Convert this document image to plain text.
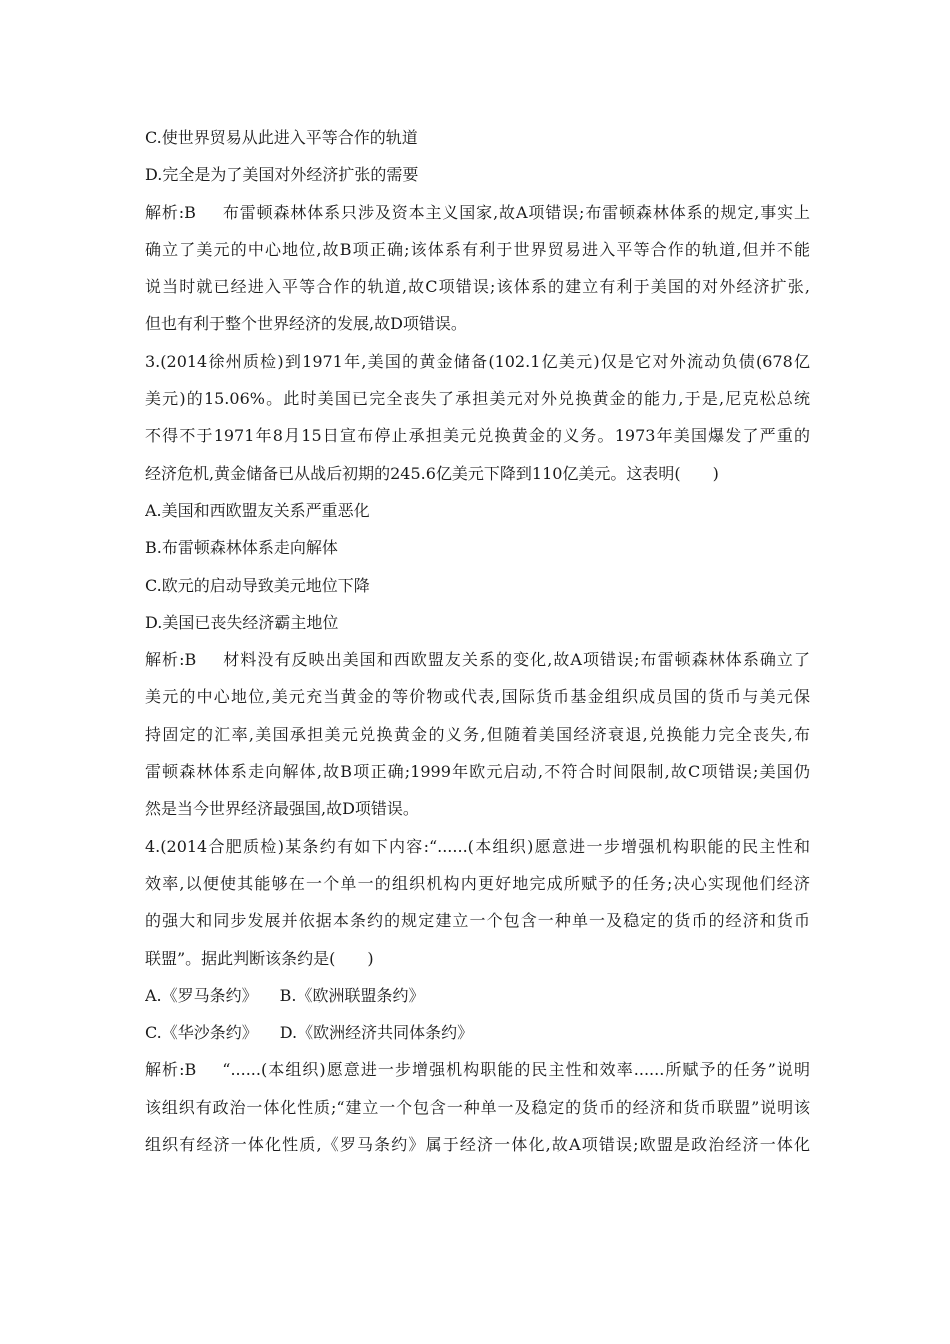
C.使世界贸易从此进入平等合作的轨道
D.完全是为了美国对外经济扩张的需要
解析:B 布雷顿森林体系只涉及资本主义国家,故A项错误;布雷顿森林体系的规定,事实上
确立了美元的中心地位,故B项正确;该体系有利于世界贸易进入平等合作的轨道,但并不能
说当时就已经进入平等合作的轨道,故C项错误;该体系的建立有利于美国的对外经济扩张,
但也有利于整个世界经济的发展,故D项错误。
3.(2014徐州质检)到1971年,美国的黄金储备(102.1亿美元)仅是它对外流动负债(678亿
美元)的15.06%。此时美国已完全丧失了承担美元对外兑换黄金的能力,于是,尼克松总统
不得不于1971年8月15日宣布停止承担美元兑换黄金的义务。1973年美国爆发了严重的
经济危机,黄金储备已从战后初期的245.6亿美元下降到110亿美元。这表明(　　)
A.美国和西欧盟友关系严重恶化
B.布雷顿森林体系走向解体
C.欧元的启动导致美元地位下降
D.美国已丧失经济霸主地位
解析:B 材料没有反映出美国和西欧盟友关系的变化,故A项错误;布雷顿森林体系确立了
美元的中心地位,美元充当黄金的等价物或代表,国际货币基金组织成员国的货币与美元保
持固定的汇率,美国承担美元兑换黄金的义务,但随着美国经济衰退,兑换能力完全丧失,布
雷顿森林体系走向解体,故B项正确;1999年欧元启动,不符合时间限制,故C项错误;美国仍
然是当今世界经济最强国,故D项错误。
4.(2014合肥质检)某条约有如下内容:“......(本组织)愿意进一步增强机构职能的民主性和
效率,以便使其能够在一个单一的组织机构内更好地完成所赋予的任务;决心实现他们经济
的强大和同步发展并依据本条约的规定建立一个包含一种单一及稳定的货币的经济和货币
联盟”。据此判断该条约是(　　)
A.《罗马条约》 B.《欧洲联盟条约》
C.《华沙条约》 D.《欧洲经济共同体条约》
解析:B “......(本组织)愿意进一步增强机构职能的民主性和效率......所赋予的任务”说明
该组织有政治一体化性质;“建立一个包含一种单一及稳定的货币的经济和货币联盟”说明该
组织有经济一体化性质,《罗马条约》属于经济一体化,故A项错误;欧盟是政治经济一体化
